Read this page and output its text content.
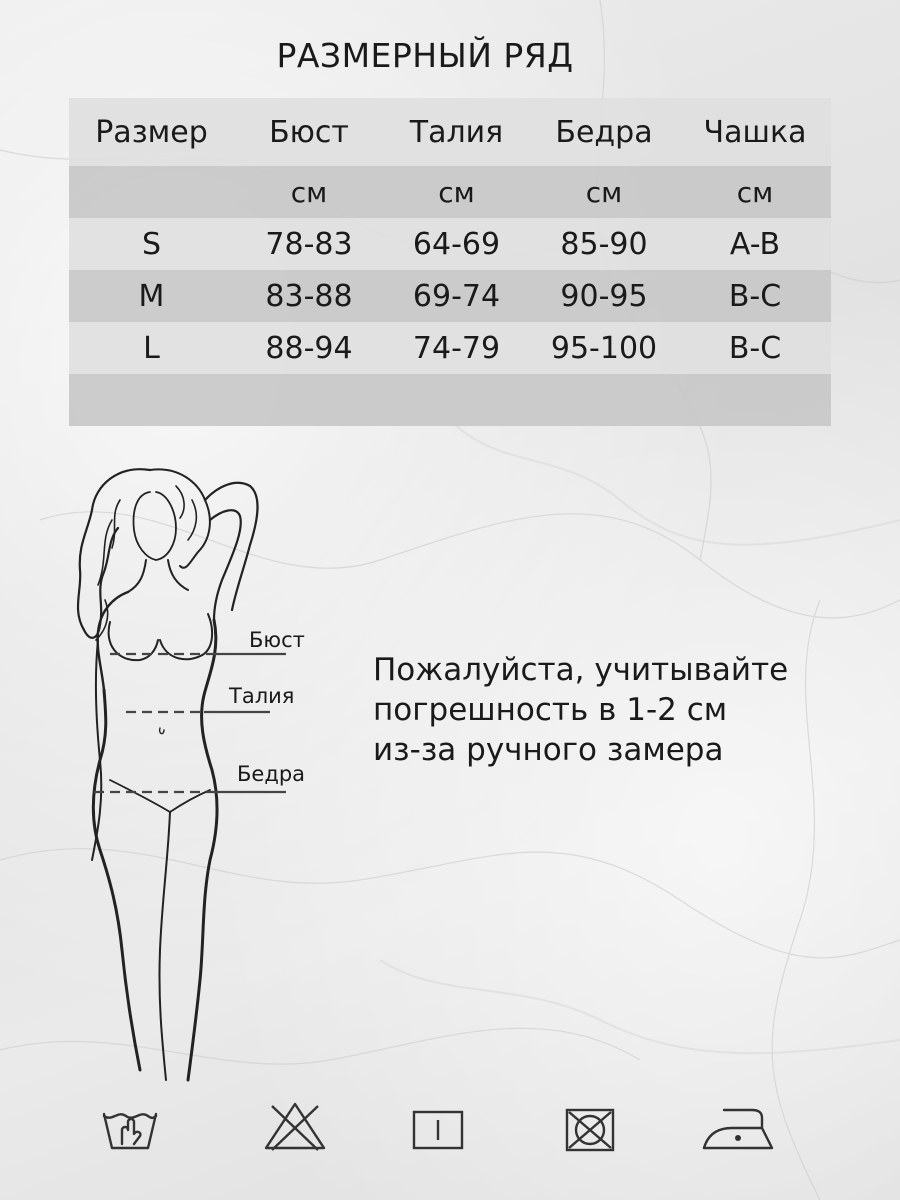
РАЗМЕРНЫЙ РЯД
Размер	Бюст	Талия	Бедра	Чашка
	см	см	см	см
S	78-83	64-69	85-90	A-B
M	83-88	69-74	90-95	B-C
L	88-94	74-79	95-100	B-C

Бюст
Талия
Бедра
Пожалуйста, учитывайте
погрешность в 1-2 см
из-за ручного замера
